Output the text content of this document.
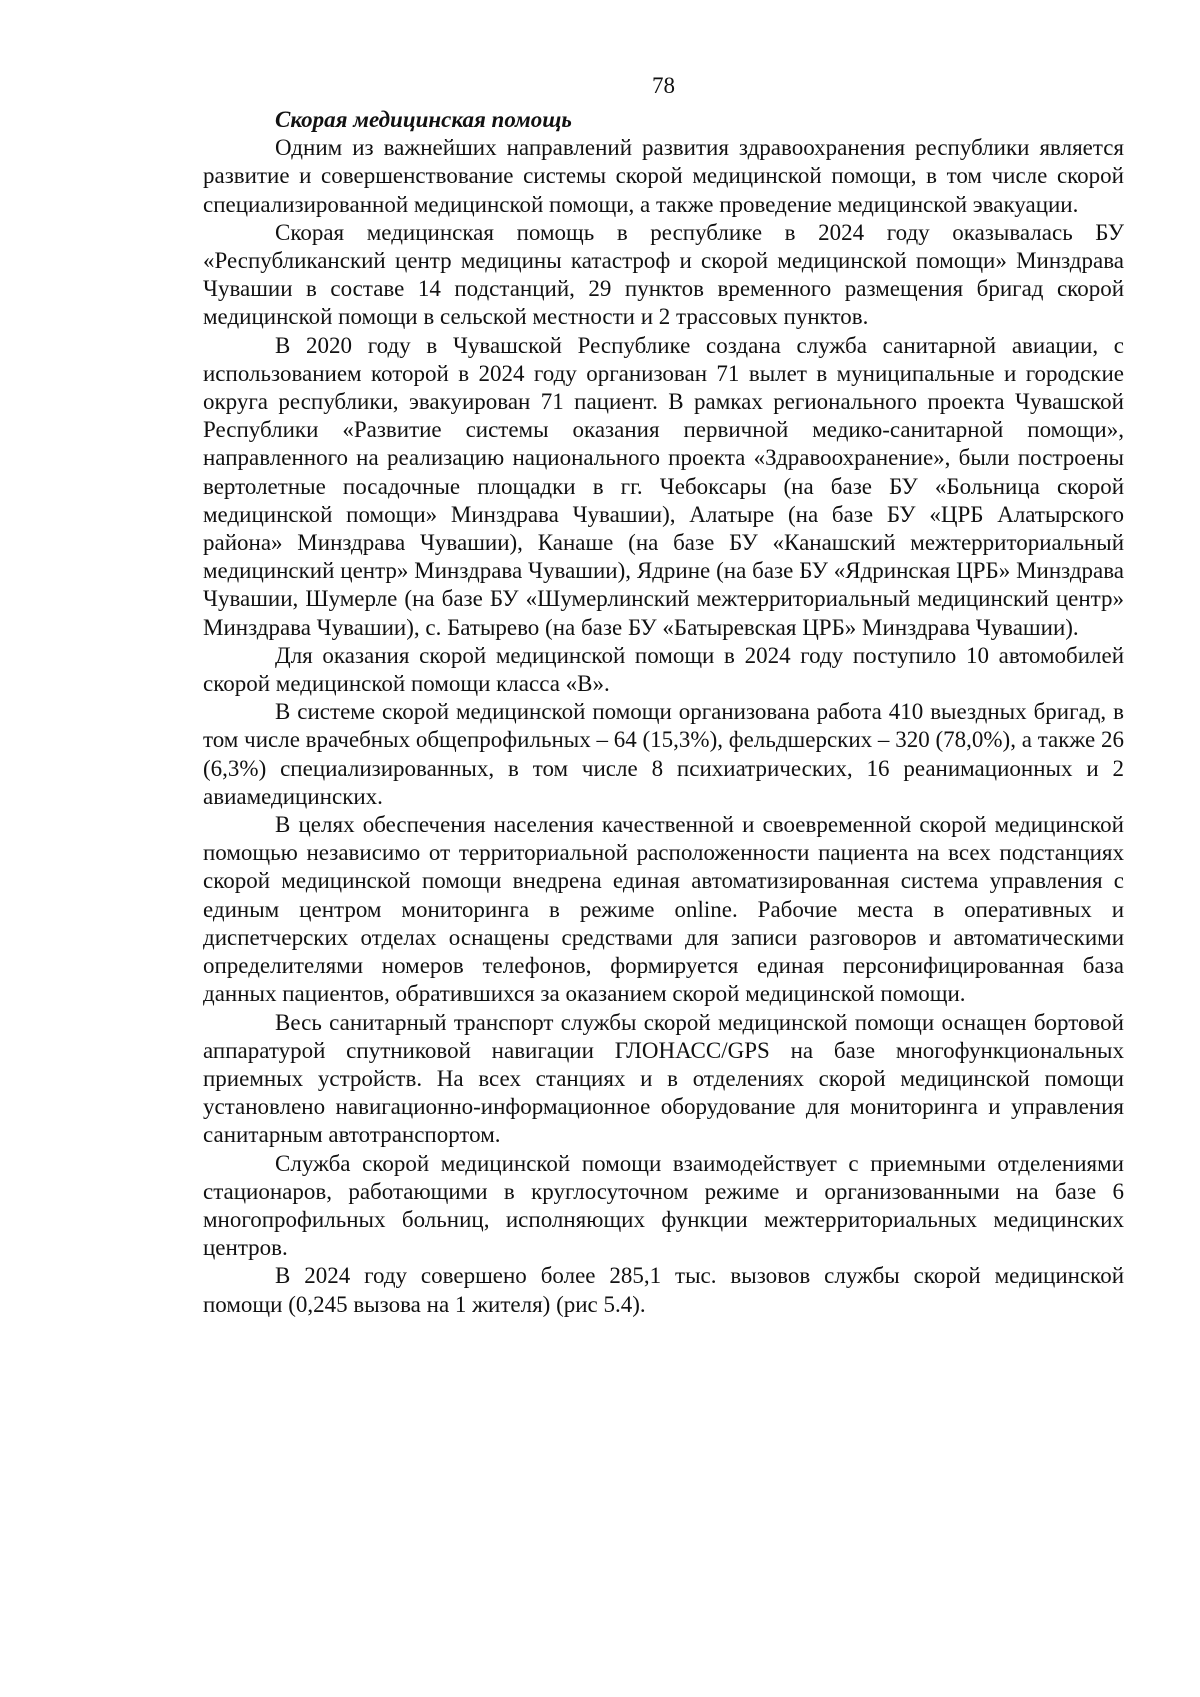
78

Скорая медицинская помощь

Одним из важнейших направлений развития здравоохранения республики является развитие и совершенствование системы скорой медицинской помощи, в том числе скорой специализированной медицинской помощи, а также проведение медицинской эвакуации.

Скорая медицинская помощь в республике в 2024 году оказывалась БУ «Республиканский центр медицины катастроф и скорой медицинской помощи» Минздрава Чувашии в составе 14 подстанций, 29 пунктов временного размещения бригад скорой медицинской помощи в сельской местности и 2 трассовых пунктов.

В 2020 году в Чувашской Республике создана служба санитарной авиации, с использованием которой в 2024 году организован 71 вылет в муниципальные и городские округа республики, эвакуирован 71 пациент. В рамках регионального проекта Чувашской Республики «Развитие системы оказания первичной медико-санитарной помощи», направленного на реализацию национального проекта «Здравоохранение», были построены вертолетные посадочные площадки в гг. Чебоксары (на базе БУ «Больница скорой медицинской помощи» Минздрава Чувашии), Алатыре (на базе БУ «ЦРБ Алатырского района» Минздрава Чувашии), Канаше (на базе БУ «Канашский межтерриториальный медицинский центр» Минздрава Чувашии), Ядрине (на базе БУ «Ядринская ЦРБ» Минздрава Чувашии, Шумерле (на базе БУ «Шумерлинский межтерриториальный медицинский центр» Минздрава Чувашии), с. Батырево (на базе БУ «Батыревская ЦРБ» Минздрава Чувашии).

Для оказания скорой медицинской помощи в 2024 году поступило 10 автомобилей скорой медицинской помощи класса «В».

В системе скорой медицинской помощи организована работа 410 выездных бригад, в том числе врачебных общепрофильных – 64 (15,3%), фельдшерских – 320 (78,0%), а также 26 (6,3%) специализированных, в том числе 8 психиатрических, 16 реанимационных и 2 авиамедицинских.

В целях обеспечения населения качественной и своевременной скорой медицинской помощью независимо от территориальной расположенности пациента на всех подстанциях скорой медицинской помощи внедрена единая автоматизированная система управления с единым центром мониторинга в режиме online. Рабочие места в оперативных и диспетчерских отделах оснащены средствами для записи разговоров и автоматическими определителями номеров телефонов, формируется единая персонифицированная база данных пациентов, обратившихся за оказанием скорой медицинской помощи.

Весь санитарный транспорт службы скорой медицинской помощи оснащен бортовой аппаратурой спутниковой навигации ГЛОНАСС/GPS на базе многофункциональных приемных устройств. На всех станциях и в отделениях скорой медицинской помощи установлено навигационно-информационное оборудование для мониторинга и управления санитарным автотранспортом.

Служба скорой медицинской помощи взаимодействует с приемными отделениями стационаров, работающими в круглосуточном режиме и организованными на базе 6 многопрофильных больниц, исполняющих функции межтерриториальных медицинских центров.

В 2024 году совершено более 285,1 тыс. вызовов службы скорой медицинской помощи (0,245 вызова на 1 жителя) (рис 5.4).
